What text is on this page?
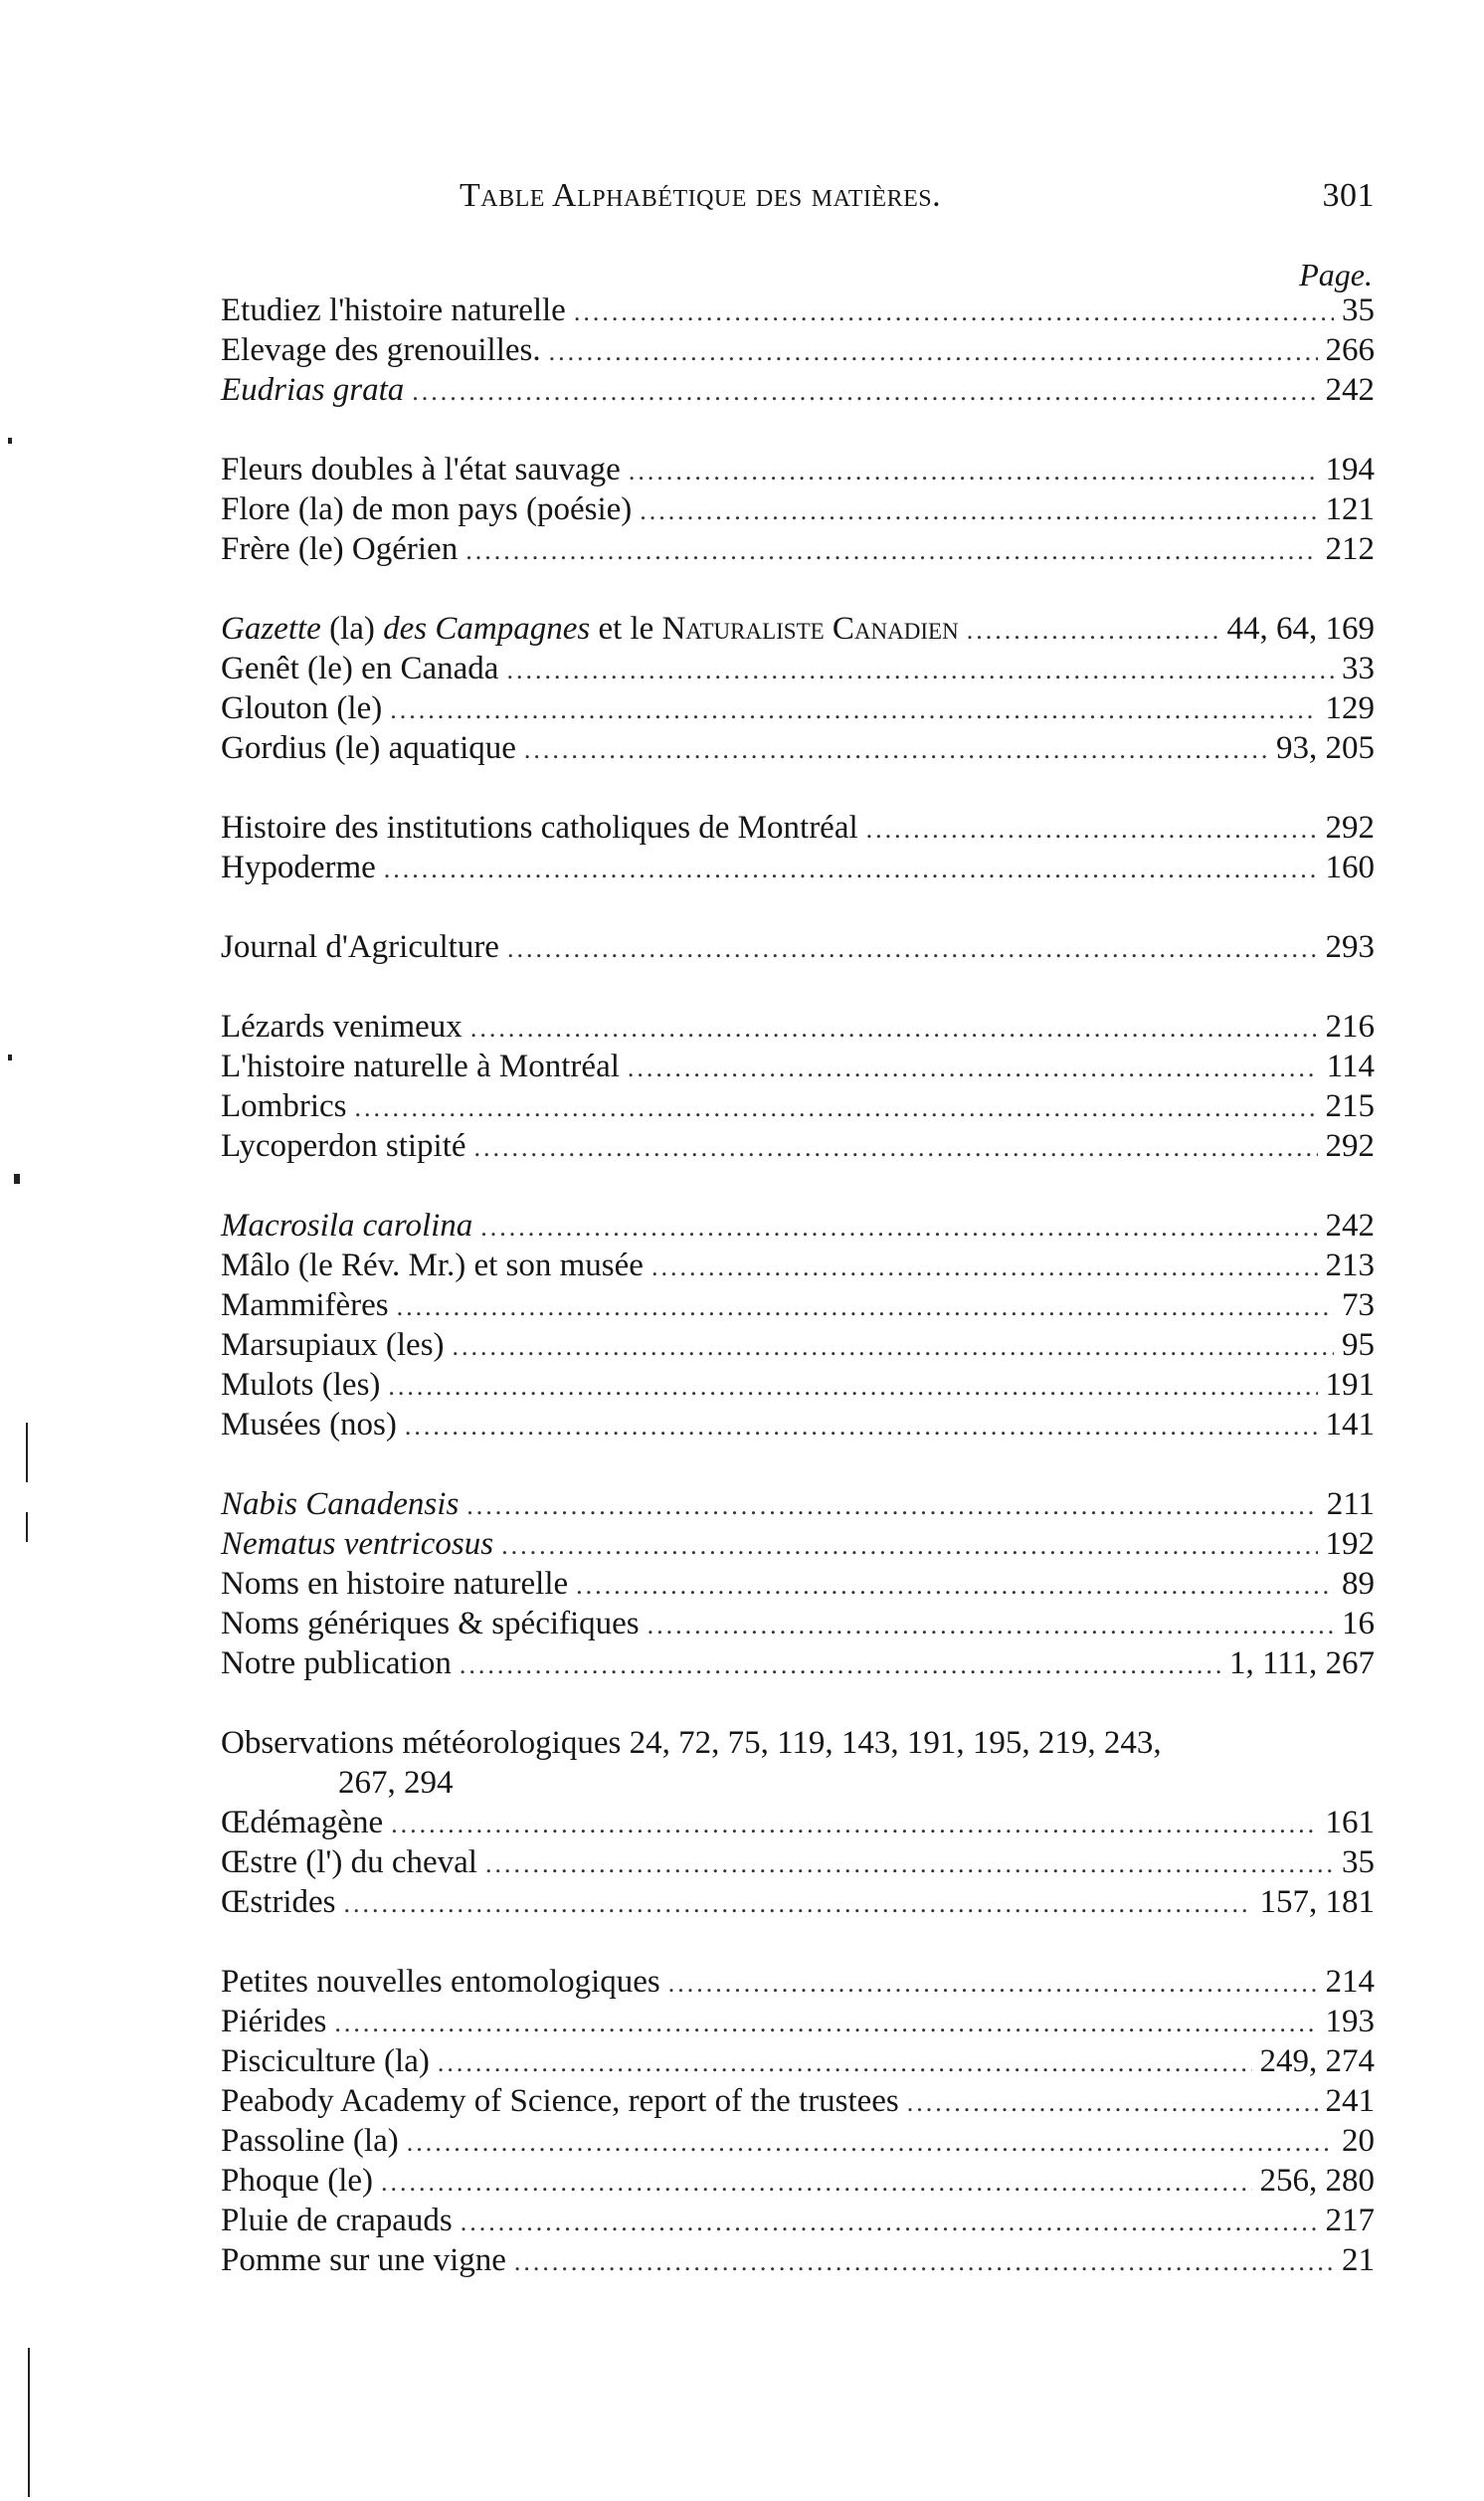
Table Alphabétique des matières.	301
Page.
Etudiez l'histoire naturelle .....	35
Elevage des grenouilles. .....	266
Eudrias grata .....	242
Fleurs doubles à l'état sauvage .....	194
Flore (la) de mon pays (poésie) .....	121
Frère (le) Ogérien .....	212
Gazette (la) des Campagnes et le Naturaliste Canadien .....	44, 64, 169
Genêt (le) en Canada .....	33
Glouton (le) .....	129
Gordius (le) aquatique .....	93, 205
Histoire des institutions catholiques de Montréal .....	292
Hypoderme .....	160
Journal d'Agriculture .....	293
Lézards venimeux .....	216
L'histoire naturelle à Montréal .....	114
Lombrics .....	215
Lycoperdon stipité .....	292
Macrosila carolina .....	242
Mâlo (le Rév. Mr.) et son musée .....	213
Mammifères .....	73
Marsupiaux (les) .....	95
Mulots (les) .....	191
Musées (nos) .....	141
Nabis Canadensis .....	211
Nematus ventricosus .....	192
Noms en histoire naturelle .....	89
Noms génériques & spécifiques .....	16
Notre publication .....	1, 111, 267
Observations météorologiques 24, 72, 75, 119, 143, 191, 195, 219, 243,
267, 294
Œdémagène .....	161
Œstre (l') du cheval .....	35
Œstrides .....	157, 181
Petites nouvelles entomologiques .....	214
Piérides .....	193
Pisciculture (la) .....	249, 274
Peabody Academy of Science, report of the trustees .....	241
Passoline (la) .....	20
Phoque (le) .....	256, 280
Pluie de crapauds .....	217
Pomme sur une vigne .....	21
